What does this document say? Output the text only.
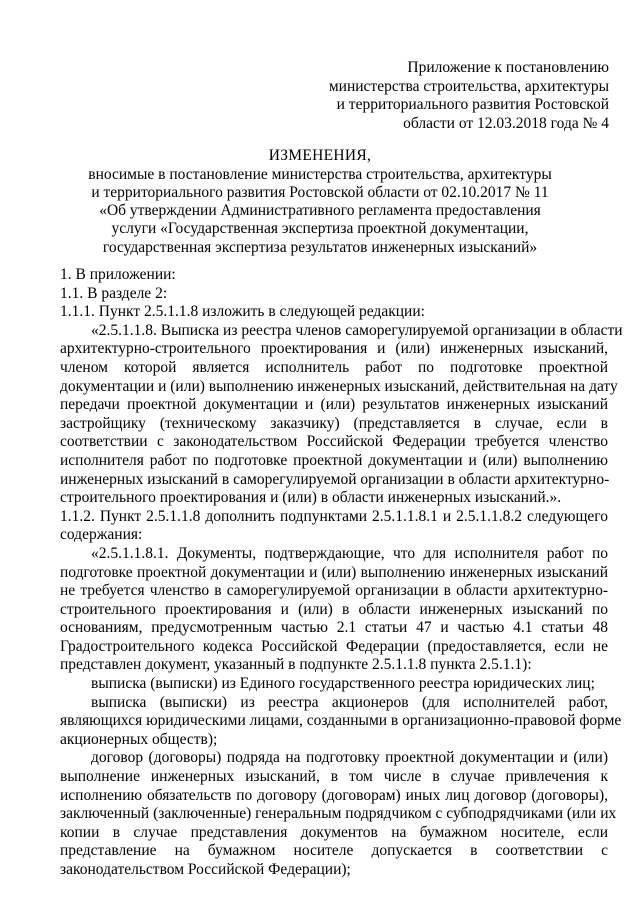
Приложение к постановлению
министерства строительства, архитектуры
и территориального развития Ростовской
области от 12.03.2018 года № 4
ИЗМЕНЕНИЯ,
вносимые в постановление министерства строительства, архитектуры
и территориального развития Ростовской области от 02.10.2017 № 11
«Об утверждении Административного регламента предоставления
услуги «Государственная экспертиза проектной документации,
государственная экспертиза результатов инженерных изысканий»
1. В приложении:
1.1. В разделе 2:
1.1.1. Пункт 2.5.1.1.8 изложить в следующей редакции:
«2.5.1.1.8. Выписка из реестра членов саморегулируемой организации в области
архитектурно-строительного проектирования и (или) инженерных изысканий,
членом которой является исполнитель работ по подготовке проектной
документации и (или) выполнению инженерных изысканий, действительная на дату
передачи проектной документации и (или) результатов инженерных изысканий
застройщику (техническому заказчику) (представляется в случае, если в
соответствии с законодательством Российской Федерации требуется членство
исполнителя работ по подготовке проектной документации и (или) выполнению
инженерных изысканий в саморегулируемой организации в области архитектурно-
строительного проектирования и (или) в области инженерных изысканий.».
1.1.2. Пункт 2.5.1.1.8 дополнить подпунктами 2.5.1.1.8.1 и 2.5.1.1.8.2 следующего
содержания:
«2.5.1.1.8.1. Документы, подтверждающие, что для исполнителя работ по
подготовке проектной документации и (или) выполнению инженерных изысканий
не требуется членство в саморегулируемой организации в области архитектурно-
строительного проектирования и (или) в области инженерных изысканий по
основаниям, предусмотренным частью 2.1 статьи 47 и частью 4.1 статьи 48
Градостроительного кодекса Российской Федерации (предоставляется, если не
представлен документ, указанный в подпункте 2.5.1.1.8 пункта 2.5.1.1):
выписка (выписки) из Единого государственного реестра юридических лиц;
выписка (выписки) из реестра акционеров (для исполнителей работ,
являющихся юридическими лицами, созданными в организационно-правовой форме
акционерных обществ);
договор (договоры) подряда на подготовку проектной документации и (или)
выполнение инженерных изысканий, в том числе в случае привлечения к
исполнению обязательств по договору (договорам) иных лиц договор (договоры),
заключенный (заключенные) генеральным подрядчиком с субподрядчиками (или их
копии в случае представления документов на бумажном носителе, если
представление на бумажном носителе допускается в соответствии с
законодательством Российской Федерации);
